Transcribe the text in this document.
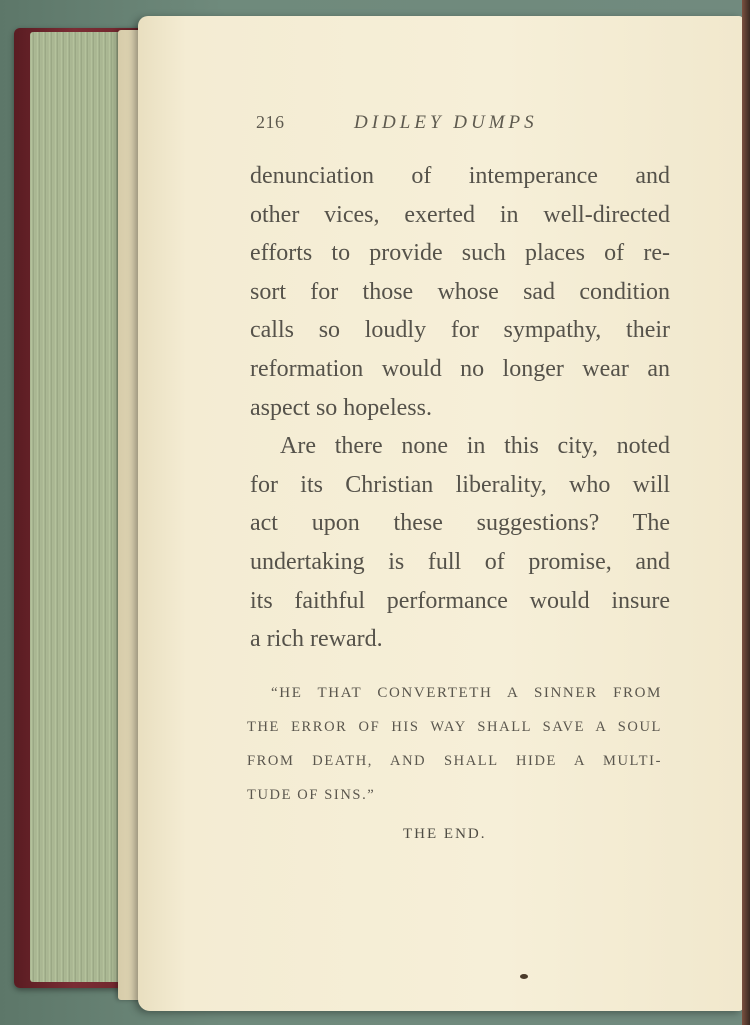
216	DIDLEY DUMPS
denunciation of intemperance and
other vices, exerted in well-directed
efforts to provide such places of re-
sort for those whose sad condition
calls so loudly for sympathy, their
reformation would no longer wear an
aspect so hopeless.
Are there none in this city, noted
for its Christian liberality, who will
act upon these suggestions? The
undertaking is full of promise, and
its faithful performance would insure
a rich reward.
“HE THAT CONVERTETH A SINNER FROM
THE ERROR OF HIS WAY SHALL SAVE A SOUL
FROM DEATH, AND SHALL HIDE A MULTI-
TUDE OF SINS.”
THE END.
